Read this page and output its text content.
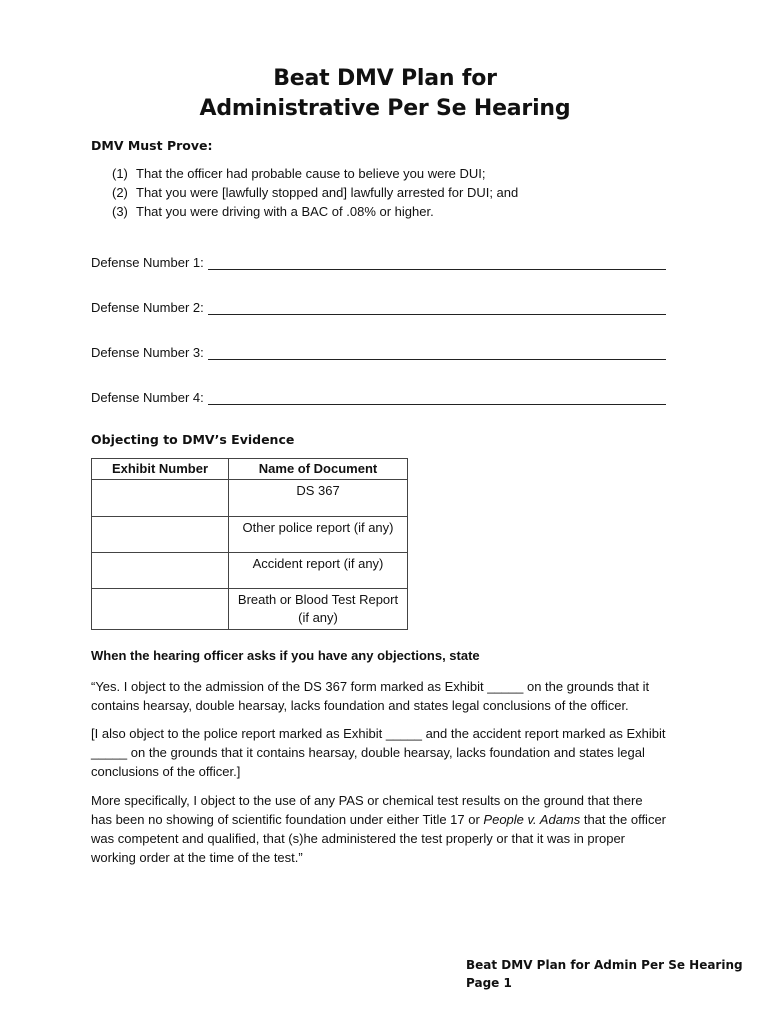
Beat DMV Plan for
Administrative Per Se Hearing
DMV Must Prove:
(1) That the officer had probable cause to believe you were DUI;
(2) That you were [lawfully stopped and] lawfully arrested for DUI; and
(3) That you were driving with a BAC of .08% or higher.
Defense Number 1:
Defense Number 2:
Defense Number 3:
Defense Number 4:
Objecting to DMV’s Evidence
Exhibit Number	Name of Document
	DS 367
	Other police report (if any)
	Accident report (if any)

	Breath or Blood Test Report
(if any)
When the hearing officer asks if you have any objections, state
“Yes. I object to the admission of the DS 367 form marked as Exhibit _____ on the grounds that it contains hearsay, double hearsay, lacks foundation and states legal conclusions of the officer.
[I also object to the police report marked as Exhibit _____ and the accident report marked as Exhibit _____ on the grounds that it contains hearsay, double hearsay, lacks foundation and states legal conclusions of the officer.]
More specifically, I object to the use of any PAS or chemical test results on the ground that there has been no showing of scientific foundation under either Title 17 or People v. Adams that the officer was competent and qualified, that (s)he administered the test properly or that it was in proper working order at the time of the test.”
Beat DMV Plan for Admin Per Se Hearing
Page 1
